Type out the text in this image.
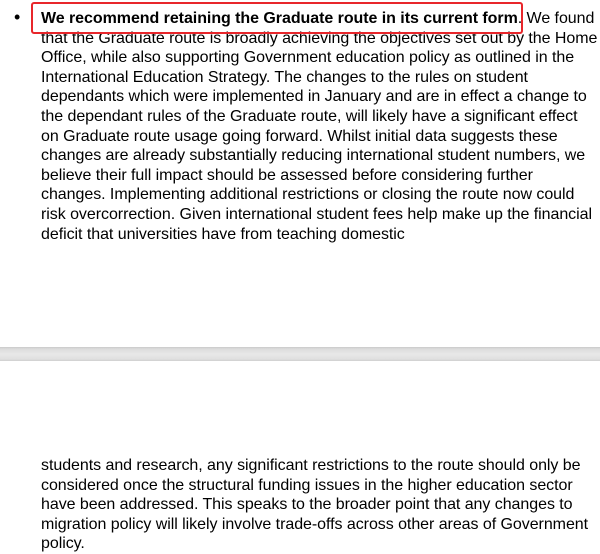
• We recommend retaining the Graduate route in its current form. We found that the Graduate route is broadly achieving the objectives set out by the Home Office, while also supporting Government education policy as outlined in the International Education Strategy. The changes to the rules on student dependants which were implemented in January and are in effect a change to the dependant rules of the Graduate route, will likely have a significant effect on Graduate route usage going forward. Whilst initial data suggests these changes are already substantially reducing international student numbers, we believe their full impact should be assessed before considering further changes. Implementing additional restrictions or closing the route now could risk overcorrection. Given international student fees help make up the financial deficit that universities have from teaching domestic

students and research, any significant restrictions to the route should only be considered once the structural funding issues in the higher education sector have been addressed. This speaks to the broader point that any changes to migration policy will likely involve trade-offs across other areas of Government policy.
